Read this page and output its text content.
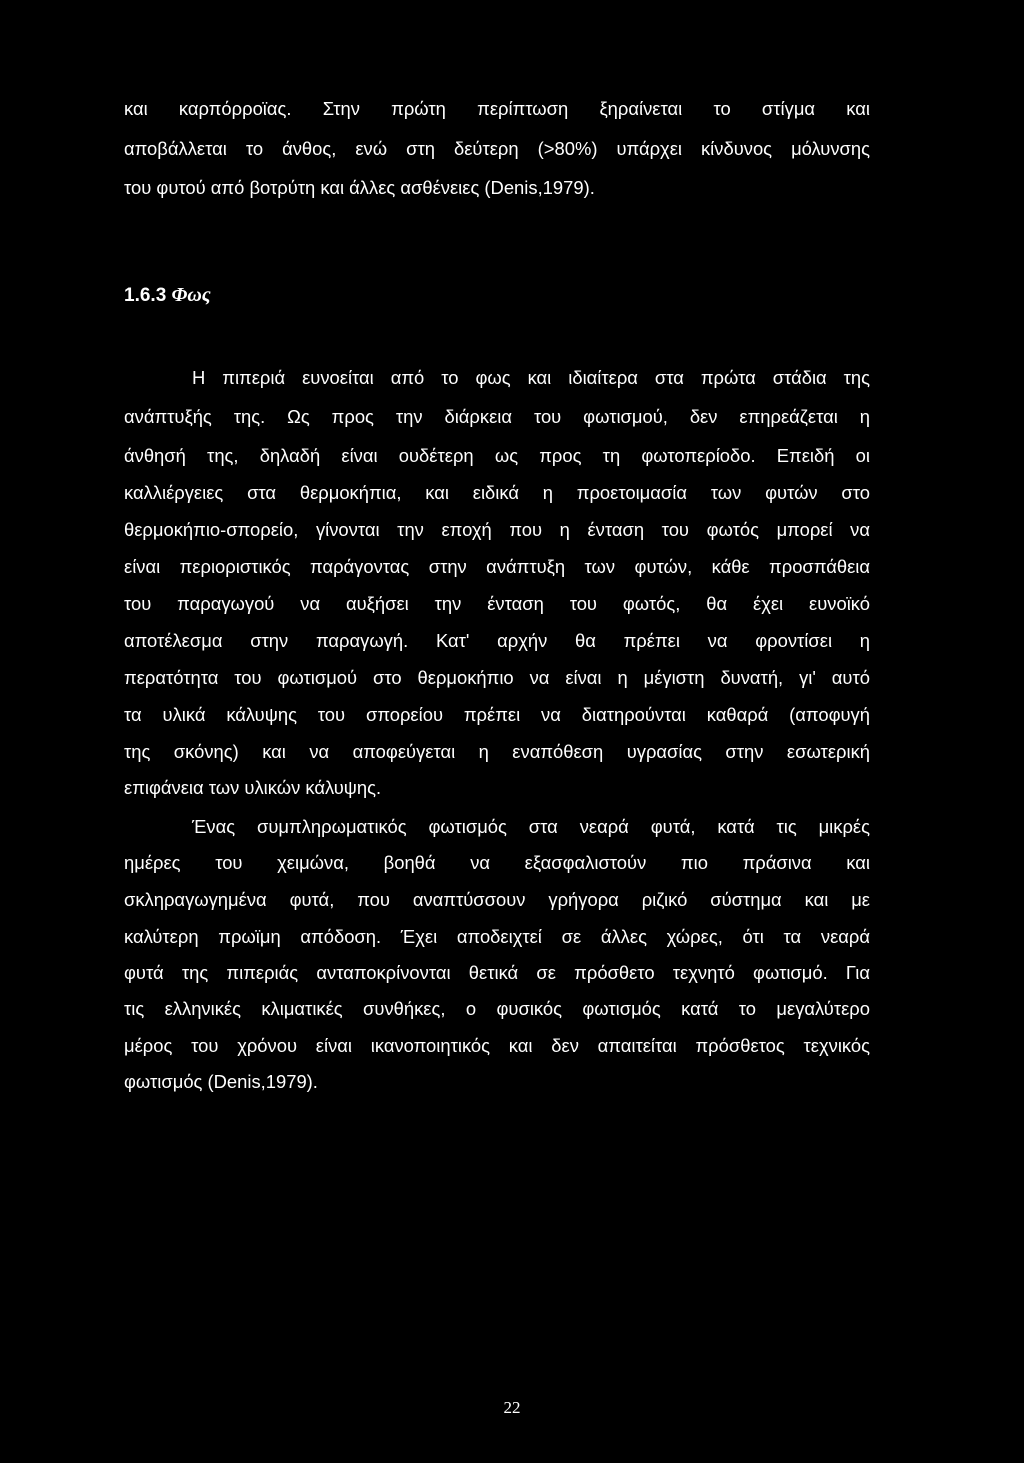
και καρπόρροϊας. Στην πρώτη περίπτωση ξηραίνεται το στίγμα και
αποβάλλεται το άνθος, ενώ στη δεύτερη (>80%) υπάρχει κίνδυνος μόλυνσης
του φυτού από βοτρύτη και άλλες ασθένειες (Denis,1979).
1.6.3 Φως
Η πιπεριά ευνοείται από το φως και ιδιαίτερα στα πρώτα στάδια της
ανάπτυξής της. Ως προς την διάρκεια του φωτισμού, δεν επηρεάζεται η
άνθησή της, δηλαδή είναι ουδέτερη ως προς τη φωτοπερίοδο. Επειδή οι
καλλιέργειες στα θερμοκήπια, και ειδικά η προετοιμασία των φυτών στο
θερμοκήπιο-σπορείο, γίνονται την εποχή που η ένταση του φωτός μπορεί να
είναι περιοριστικός παράγοντας στην ανάπτυξη των φυτών, κάθε προσπάθεια
του παραγωγού να αυξήσει την ένταση του φωτός, θα έχει ευνοϊκό
αποτέλεσμα στην παραγωγή. Κατ' αρχήν θα πρέπει να φροντίσει η
περατότητα του φωτισμού στο θερμοκήπιο να είναι η μέγιστη δυνατή, γι' αυτό
τα υλικά κάλυψης του σπορείου πρέπει να διατηρούνται καθαρά (αποφυγή
της σκόνης) και να αποφεύγεται η εναπόθεση υγρασίας στην εσωτερική
επιφάνεια των υλικών κάλυψης.
Ένας συμπληρωματικός φωτισμός στα νεαρά φυτά, κατά τις μικρές
ημέρες του χειμώνα, βοηθά να εξασφαλιστούν πιο πράσινα και
σκληραγωγημένα φυτά, που αναπτύσσουν γρήγορα ριζικό σύστημα και με
καλύτερη πρωϊμη απόδοση. Έχει αποδειχτεί σε άλλες χώρες, ότι τα νεαρά
φυτά της πιπεριάς ανταποκρίνονται θετικά σε πρόσθετο τεχνητό φωτισμό. Για
τις ελληνικές κλιματικές συνθήκες, ο φυσικός φωτισμός κατά το μεγαλύτερο
μέρος του χρόνου είναι ικανοποιητικός και δεν απαιτείται πρόσθετος τεχνικός
φωτισμός (Denis,1979).
22
